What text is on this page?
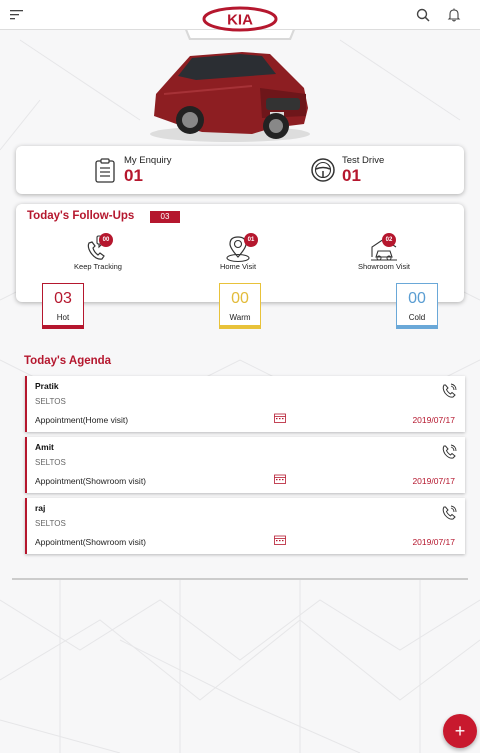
KIA
My Enquiry
01
Test Drive
01
Today's Follow-Ups	03
00
Keep Tracking
01
Home Visit
02
Showroom Visit
03
Hot
00
Warm
00
Cold
Today's Agenda
Pratik
SELTOS
Appointment(Home visit)	2019/07/17
Amit
SELTOS
Appointment(Showroom visit)	2019/07/17
raj
SELTOS
Appointment(Showroom visit)	2019/07/17
+
